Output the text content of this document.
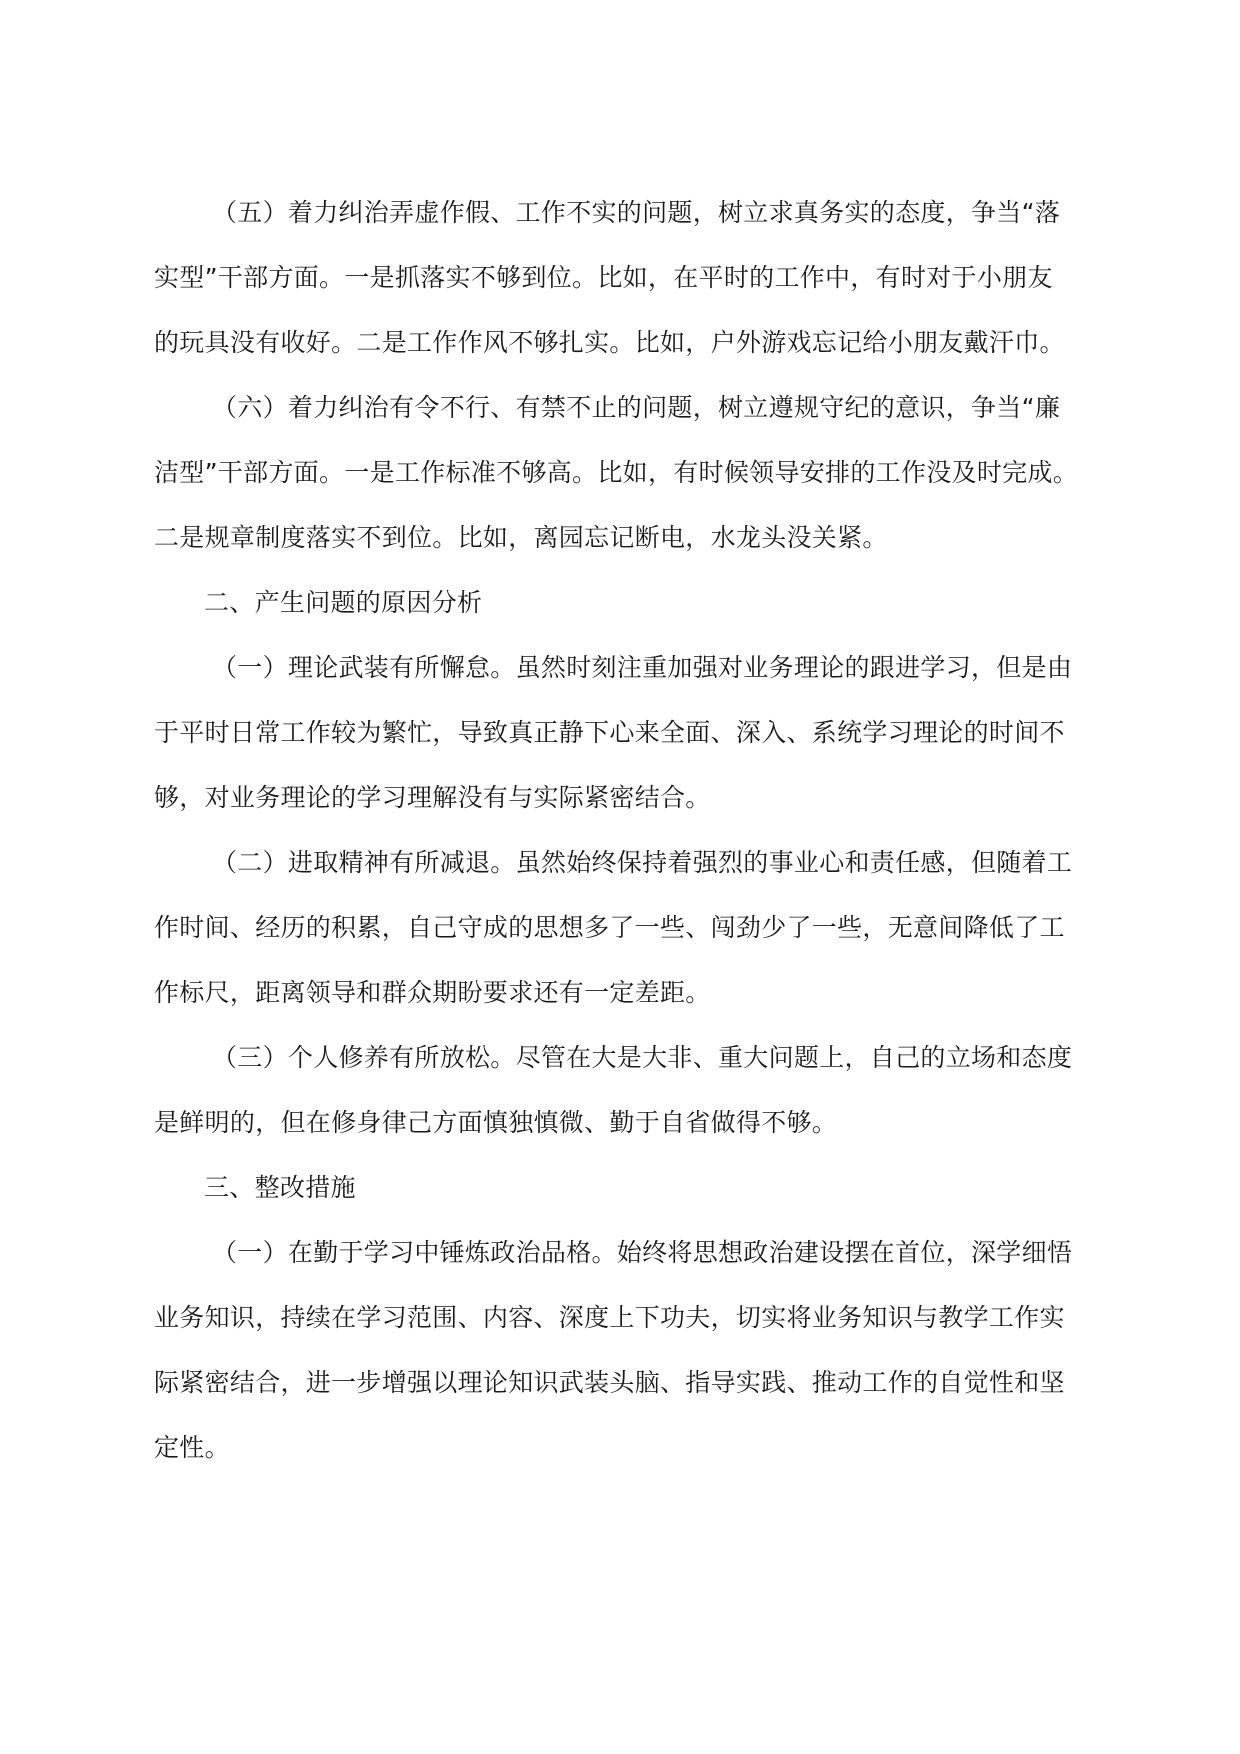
（五）着力纠治弄虚作假、工作不实的问题，树立求真务实的态度，争当“落
实型”干部方面。一是抓落实不够到位。比如，在平时的工作中，有时对于小朋友
的玩具没有收好。二是工作作风不够扎实。比如，户外游戏忘记给小朋友戴汗巾。
（六）着力纠治有令不行、有禁不止的问题，树立遵规守纪的意识，争当“廉
洁型”干部方面。一是工作标准不够高。比如，有时候领导安排的工作没及时完成。
二是规章制度落实不到位。比如，离园忘记断电，水龙头没关紧。
二、产生问题的原因分析
（一）理论武装有所懈怠。虽然时刻注重加强对业务理论的跟进学习，但是由
于平时日常工作较为繁忙，导致真正静下心来全面、深入、系统学习理论的时间不
够，对业务理论的学习理解没有与实际紧密结合。
（二）进取精神有所减退。虽然始终保持着强烈的事业心和责任感，但随着工
作时间、经历的积累，自己守成的思想多了一些、闯劲少了一些，无意间降低了工
作标尺，距离领导和群众期盼要求还有一定差距。
（三）个人修养有所放松。尽管在大是大非、重大问题上，自己的立场和态度
是鲜明的，但在修身律己方面慎独慎微、勤于自省做得不够。
三、整改措施
（一）在勤于学习中锤炼政治品格。始终将思想政治建设摆在首位，深学细悟
业务知识，持续在学习范围、内容、深度上下功夫，切实将业务知识与教学工作实
际紧密结合，进一步增强以理论知识武装头脑、指导实践、推动工作的自觉性和坚
定性。
